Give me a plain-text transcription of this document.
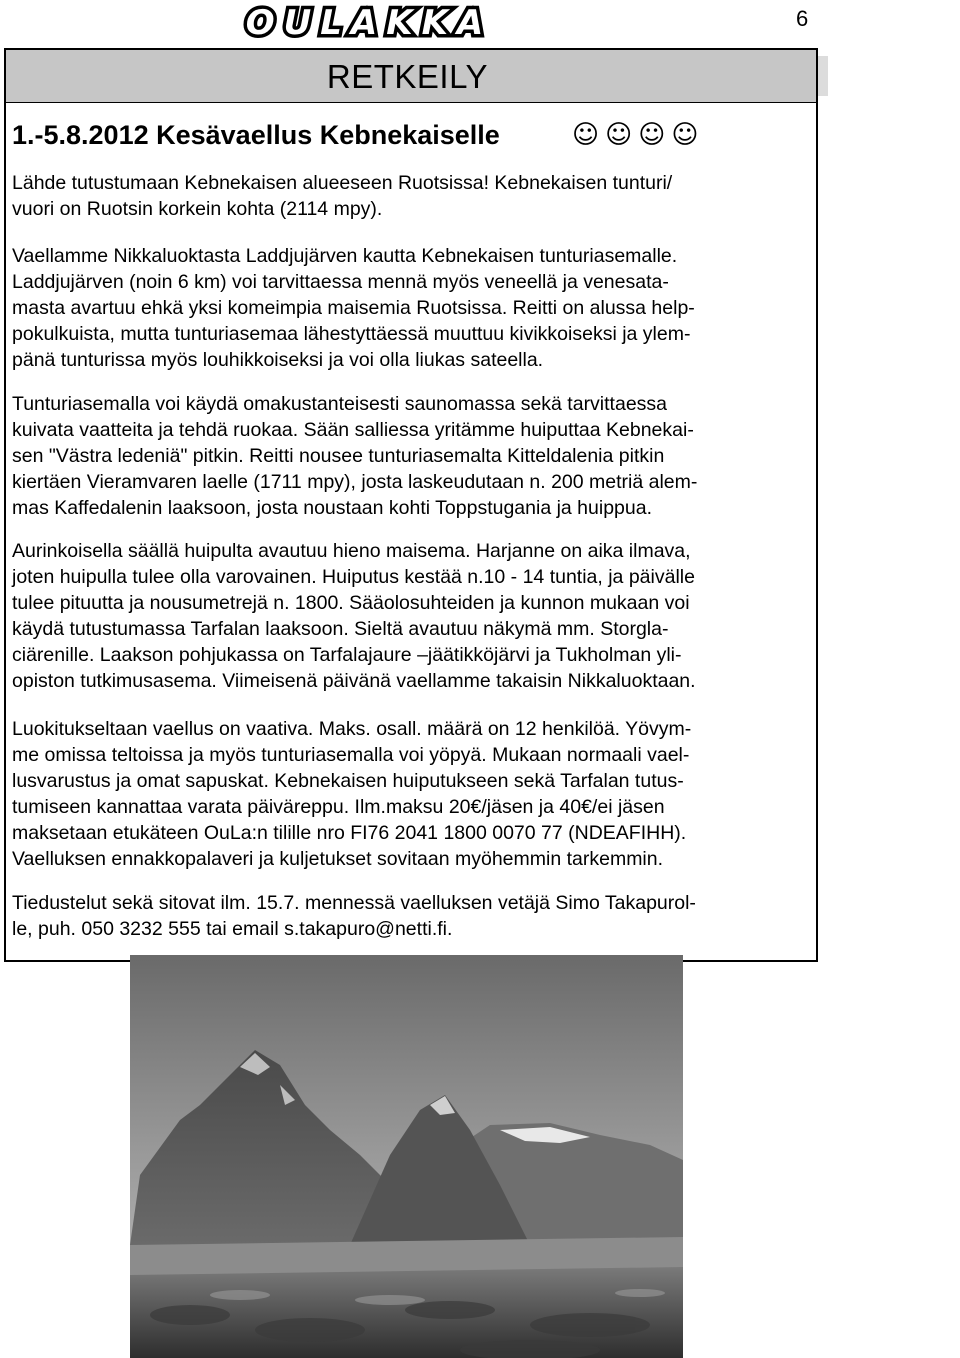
OULAKKA	6
RETKEILY
1.-5.8.2012 Kesävaellus Kebnekaiselle	☺☺☺☺
Lähde tutustumaan Kebnekaisen alueeseen Ruotsissa! Kebnekaisen tunturi/
vuori on Ruotsin korkein kohta (2114 mpy).
Vaellamme Nikkaluoktasta Laddjujärven kautta Kebnekaisen tunturiasemalle.
Laddjujärven (noin 6 km) voi tarvittaessa mennä myös veneellä ja venesata-
masta avartuu ehkä yksi komeimpia maisemia Ruotsissa. Reitti on alussa help-
pokulkuista, mutta tunturiasemaa lähestyttäessä muuttuu kivikkoiseksi ja ylem-
pänä tunturissa myös louhikkoiseksi ja voi olla liukas sateella.
Tunturiasemalla voi käydä omakustanteisesti saunomassa sekä tarvittaessa
kuivata vaatteita ja tehdä ruokaa. Sään salliessa yritämme huiputtaa Kebnekai-
sen "Västra ledeniä" pitkin. Reitti nousee tunturiasemalta Kitteldalenia pitkin
kiertäen Vieramvaren laelle (1711 mpy), josta laskeudutaan n. 200 metriä alem-
mas Kaffedalenin laaksoon, josta noustaan kohti Toppstugania ja huippua.
Aurinkoisella säällä huipulta avautuu hieno maisema. Harjanne on aika ilmava,
joten huipulla tulee olla varovainen. Huiputus kestää n.10 - 14 tuntia, ja päivälle
tulee pituutta ja nousumetrejä n. 1800. Sääolosuhteiden ja kunnon mukaan voi
käydä tutustumassa Tarfalan laaksoon. Sieltä avautuu näkymä mm. Storgla-
ciärenille. Laakson pohjukassa on Tarfalajaure –jäätikköjärvi ja Tukholman yli-
opiston tutkimusasema. Viimeisenä päivänä vaellamme takaisin Nikkaluoktaan.
Luokitukseltaan vaellus on vaativa. Maks. osall. määrä on 12 henkilöä. Yövym-
me omissa teltoissa ja myös tunturiasemalla voi yöpyä. Mukaan normaali vael-
lusvarustus ja omat sapuskat. Kebnekaisen huiputukseen sekä Tarfalan tutus-
tumiseen kannattaa varata päiväreppu. Ilm.maksu 20€/jäsen ja 40€/ei jäsen
maksetaan etukäteen OuLa:n tilille nro FI76 2041 1800 0070 77 (NDEAFIHH).
Vaelluksen ennakkopalaveri ja kuljetukset sovitaan myöhemmin tarkemmin.
Tiedustelut sekä sitovat ilm. 15.7. mennessä vaelluksen vetäjä Simo Takapurol-
le, puh. 050 3232 555 tai email s.takapuro@netti.fi.
